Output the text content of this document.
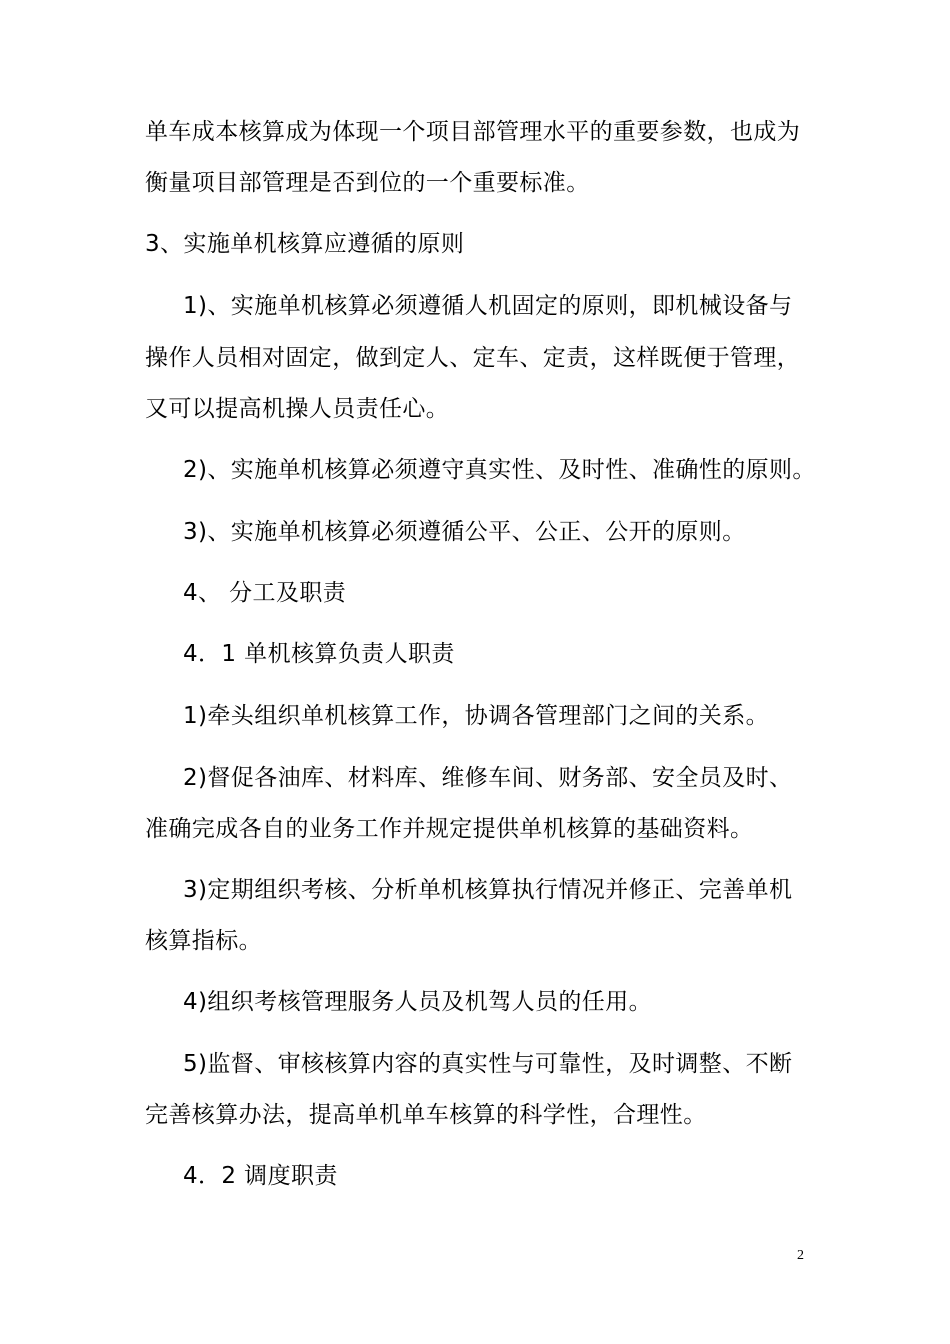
单车成本核算成为体现一个项目部管理水平的重要参数，也成为
衡量项目部管理是否到位的一个重要标准。
3、实施单机核算应遵循的原则
1)、实施单机核算必须遵循人机固定的原则，即机械设备与
操作人员相对固定，做到定人、定车、定责，这样既便于管理，
又可以提高机操人员责任心。
2)、实施单机核算必须遵守真实性、及时性、准确性的原则。
3)、实施单机核算必须遵循公平、公正、公开的原则。
4、 分工及职责
4．1 单机核算负责人职责
1)牵头组织单机核算工作，协调各管理部门之间的关系。
2)督促各油库、材料库、维修车间、财务部、安全员及时、
准确完成各自的业务工作并规定提供单机核算的基础资料。
3)定期组织考核、分析单机核算执行情况并修正、完善单机
核算指标。
4)组织考核管理服务人员及机驾人员的任用。
5)监督、审核核算内容的真实性与可靠性，及时调整、不断
完善核算办法，提高单机单车核算的科学性，合理性。
4．2 调度职责
2
